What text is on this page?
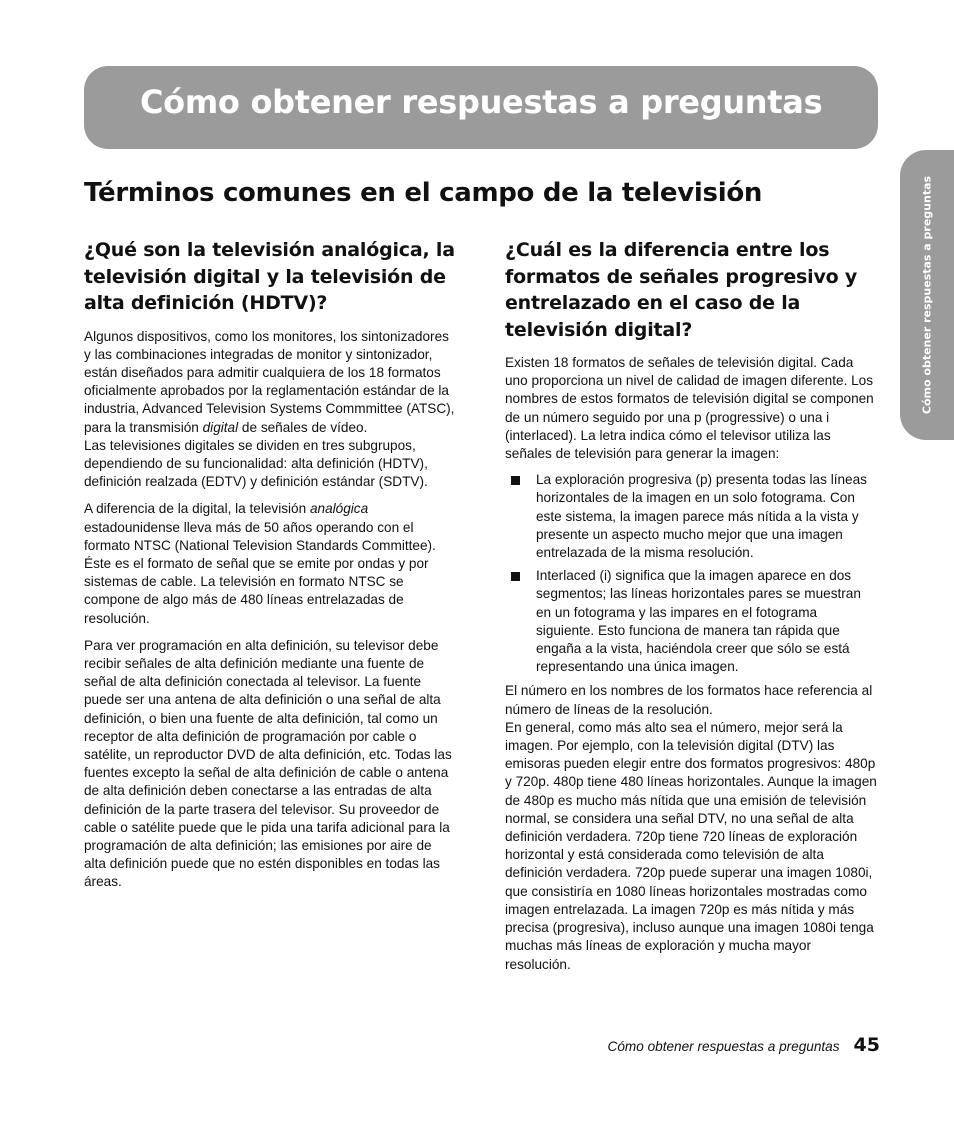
Cómo obtener respuestas a preguntas
Cómo obtener respuestas a preguntas
Términos comunes en el campo de la televisión
¿Qué son la televisión analógica, la televisión digital y la televisión de alta definición (HDTV)?

Algunos dispositivos, como los monitores, los sintonizadores y las combinaciones integradas de monitor y sintonizador, están diseñados para admitir cualquiera de los 18 formatos oficialmente aprobados por la reglamentación estándar de la industria, Advanced Television Systems Commmittee (ATSC), para la transmisión digital de señales de vídeo.
Las televisiones digitales se dividen en tres subgrupos, dependiendo de su funcionalidad: alta definición (HDTV), definición realzada (EDTV) y definición estándar (SDTV).

A diferencia de la digital, la televisión analógica estadounidense lleva más de 50 años operando con el formato NTSC (National Television Standards Committee). Éste es el formato de señal que se emite por ondas y por sistemas de cable. La televisión en formato NTSC se compone de algo más de 480 líneas entrelazadas de resolución.

Para ver programación en alta definición, su televisor debe recibir señales de alta definición mediante una fuente de señal de alta definición conectada al televisor. La fuente puede ser una antena de alta definición o una señal de alta definición, o bien una fuente de alta definición, tal como un receptor de alta definición de programación por cable o satélite, un reproductor DVD de alta definición, etc. Todas las fuentes excepto la señal de alta definición de cable o antena de alta definición deben conectarse a las entradas de alta definición de la parte trasera del televisor. Su proveedor de cable o satélite puede que le pida una tarifa adicional para la programación de alta definición; las emisiones por aire de alta definición puede que no estén disponibles en todas las áreas.

¿Cuál es la diferencia entre los formatos de señales progresivo y entrelazado en el caso de la televisión digital?

Existen 18 formatos de señales de televisión digital. Cada uno proporciona un nivel de calidad de imagen diferente. Los nombres de estos formatos de televisión digital se componen de un número seguido por una p (progressive) o una i (interlaced). La letra indica cómo el televisor utiliza las señales de televisión para generar la imagen:

La exploración progresiva (p) presenta todas las líneas horizontales de la imagen en un solo fotograma. Con este sistema, la imagen parece más nítida a la vista y presente un aspecto mucho mejor que una imagen entrelazada de la misma resolución.
Interlaced (i) significa que la imagen aparece en dos segmentos; las líneas horizontales pares se muestran en un fotograma y las impares en el fotograma siguiente. Esto funciona de manera tan rápida que engaña a la vista, haciéndola creer que sólo se está representando una única imagen.

El número en los nombres de los formatos hace referencia al número de líneas de la resolución.
En general, como más alto sea el número, mejor será la imagen. Por ejemplo, con la televisión digital (DTV) las emisoras pueden elegir entre dos formatos progresivos: 480p y 720p. 480p tiene 480 líneas horizontales. Aunque la imagen de 480p es mucho más nítida que una emisión de televisión normal, se considera una señal DTV, no una señal de alta definición verdadera. 720p tiene 720 líneas de exploración horizontal y está considerada como televisión de alta definición verdadera. 720p puede superar una imagen 1080i, que consistiría en 1080 líneas horizontales mostradas como imagen entrelazada. La imagen 720p es más nítida y más precisa (progresiva), incluso aunque una imagen 1080i tenga muchas más líneas de exploración y mucha mayor resolución.

Cómo obtener respuestas a preguntas 45
